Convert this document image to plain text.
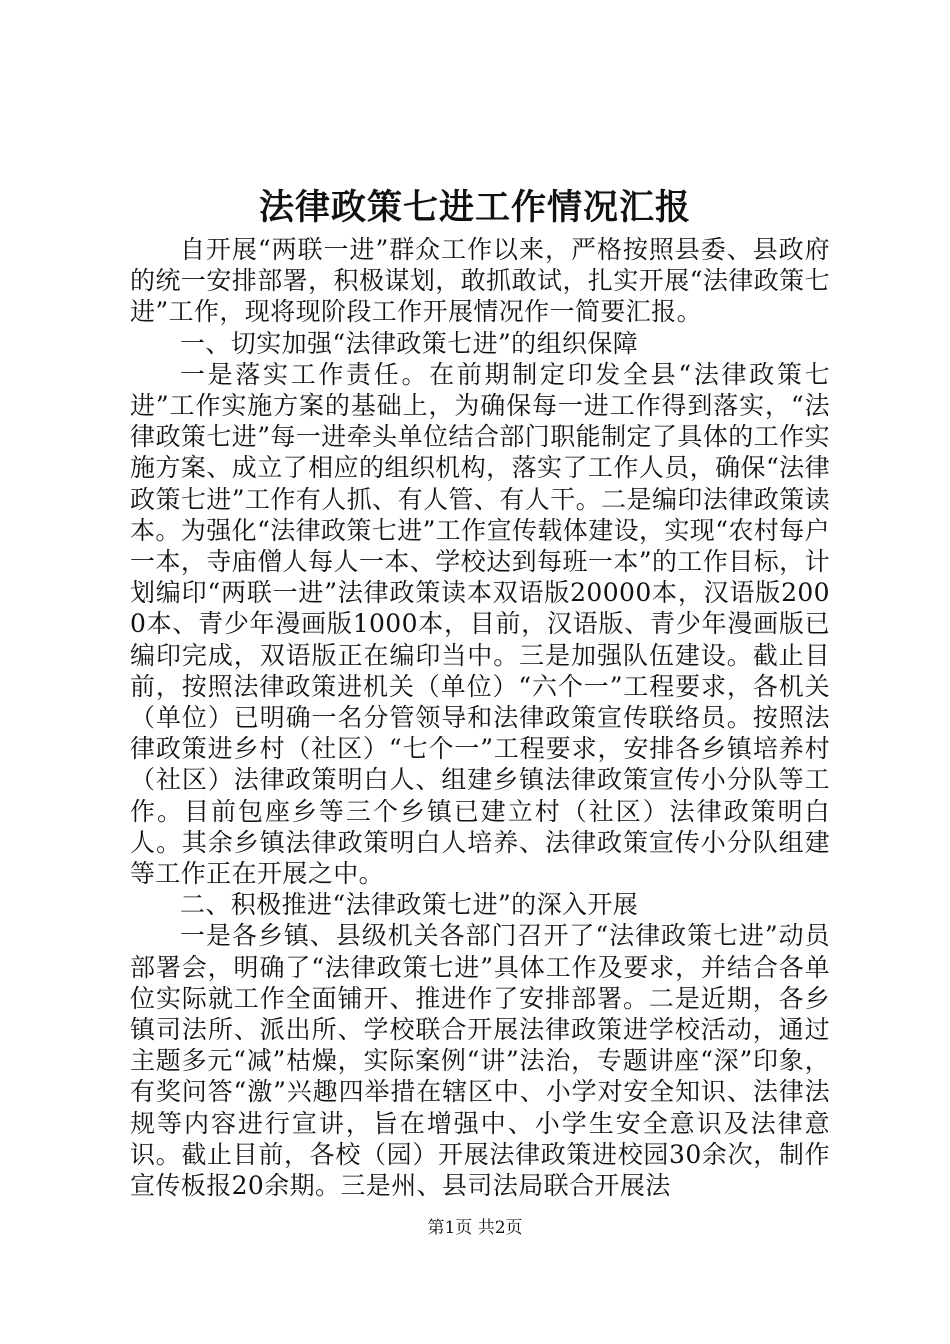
法律政策七进工作情况汇报

自开展“两联一进”群众工作以来，严格按照县委、县政府的统一安排部署，积极谋划，敢抓敢试，扎实开展“法律政策七进”工作，现将现阶段工作开展情况作一简要汇报。

一、切实加强“法律政策七进”的组织保障

一是落实工作责任。在前期制定印发全县“法律政策七进”工作实施方案的基础上，为确保每一进工作得到落实，“法律政策七进”每一进牵头单位结合部门职能制定了具体的工作实施方案、成立了相应的组织机构，落实了工作人员，确保“法律政策七进”工作有人抓、有人管、有人干。二是编印法律政策读本。为强化“法律政策七进”工作宣传载体建设，实现“农村每户一本，寺庙僧人每人一本、学校达到每班一本”的工作目标，计划编印“两联一进”法律政策读本双语版20000本，汉语版2000本、青少年漫画版1000本，目前，汉语版、青少年漫画版已编印完成，双语版正在编印当中。三是加强队伍建设。截止目前，按照法律政策进机关（单位）“六个一”工程要求，各机关（单位）已明确一名分管领导和法律政策宣传联络员。按照法律政策进乡村（社区）“七个一”工程要求，安排各乡镇培养村（社区）法律政策明白人、组建乡镇法律政策宣传小分队等工作。目前包座乡等三个乡镇已建立村（社区）法律政策明白人。其余乡镇法律政策明白人培养、法律政策宣传小分队组建等工作正在开展之中。

二、积极推进“法律政策七进”的深入开展

一是各乡镇、县级机关各部门召开了“法律政策七进”动员部署会，明确了“法律政策七进”具体工作及要求，并结合各单位实际就工作全面铺开、推进作了安排部署。二是近期，各乡镇司法所、派出所、学校联合开展法律政策进学校活动，通过主题多元“减”枯燥，实际案例“讲”法治，专题讲座“深”印象，有奖问答“激”兴趣四举措在辖区中、小学对安全知识、法律法规等内容进行宣讲，旨在增强中、小学生安全意识及法律意识。截止目前，各校（园）开展法律政策进校园30余次，制作宣传板报20余期。三是州、县司法局联合开展法

第1页 共2页
